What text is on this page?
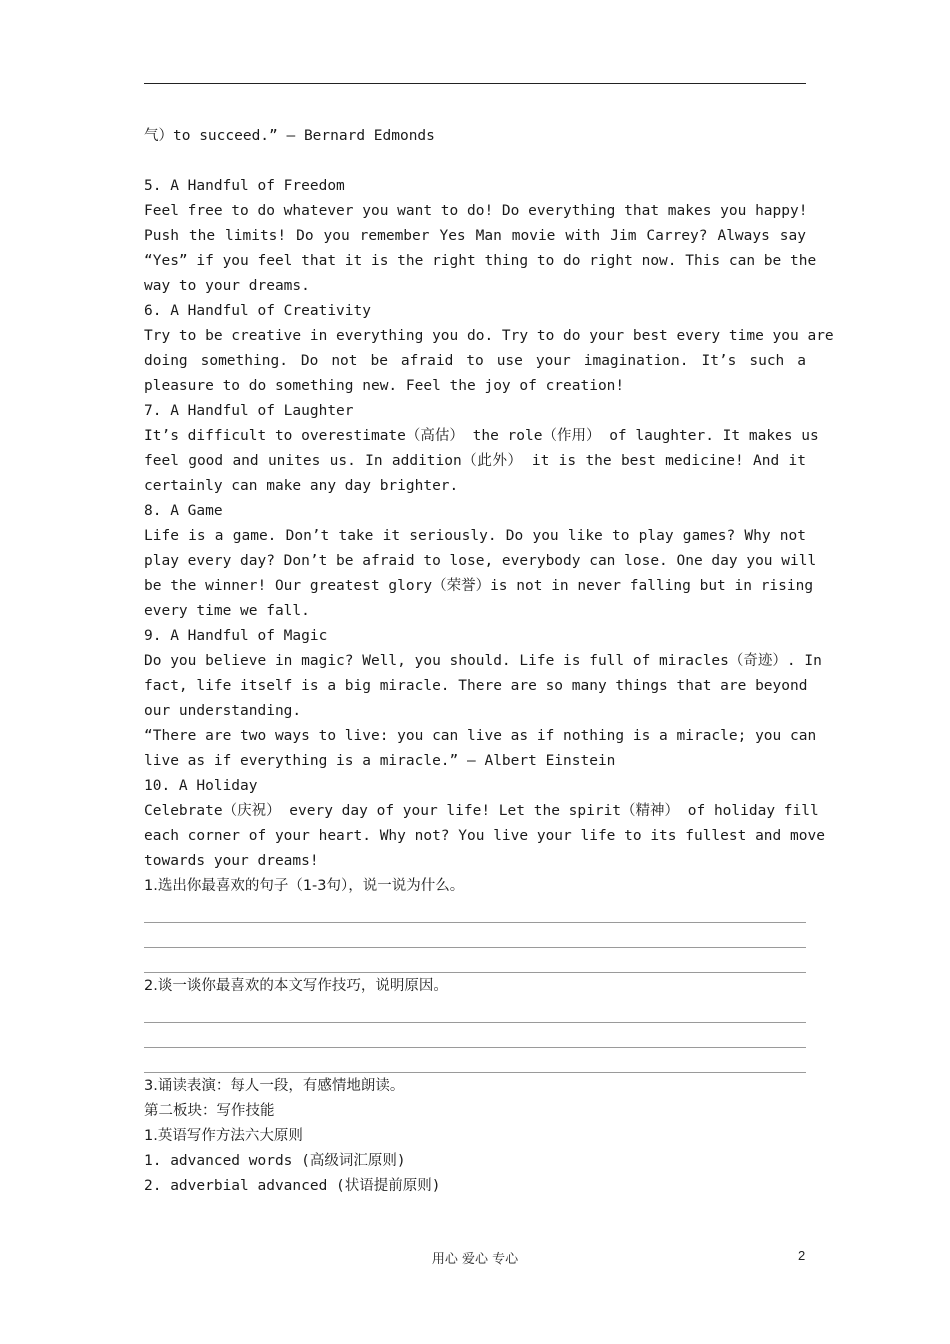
气）to succeed.” — Bernard Edmonds
5. A Handful of Freedom
Feel free to do whatever you want to do! Do everything that makes you happy!
Push the limits! Do you remember Yes Man movie with Jim Carrey? Always say
“Yes” if you feel that it is the right thing to do right now. This can be the
way to your dreams.
6. A Handful of Creativity
Try to be creative in everything you do. Try to do your best every time you are
doing something. Do not be afraid to use your imagination. It’s such a
pleasure to do something new. Feel the joy of creation!
7. A Handful of Laughter
It’s difficult to overestimate（高估） the role（作用） of laughter. It makes us
feel good and unites us. In addition（此外） it is the best medicine! And it
certainly can make any day brighter.
8. A Game
Life is a game. Don’t take it seriously. Do you like to play games? Why not
play every day? Don’t be afraid to lose, everybody can lose. One day you will
be the winner! Our greatest glory（荣誉）is not in never falling but in rising
every time we fall.
9. A Handful of Magic
Do you believe in magic? Well, you should. Life is full of miracles（奇迹）. In
fact, life itself is a big miracle. There are so many things that are beyond
our understanding.
“There are two ways to live: you can live as if nothing is a miracle; you can
live as if everything is a miracle.” — Albert Einstein
10. A Holiday
Celebrate（庆祝） every day of your life! Let the spirit（精神） of holiday fill
each corner of your heart. Why not? You live your life to its fullest and move
towards your dreams!
1.选出你最喜欢的句子（1-3句），说一说为什么。
2.谈一谈你最喜欢的本文写作技巧，说明原因。
3.诵读表演：每人一段，有感情地朗读。
第二板块：写作技能
1.英语写作方法六大原则
1. advanced words (高级词汇原则)
2. adverbial advanced (状语提前原则)
用心 爱心 专心	2
